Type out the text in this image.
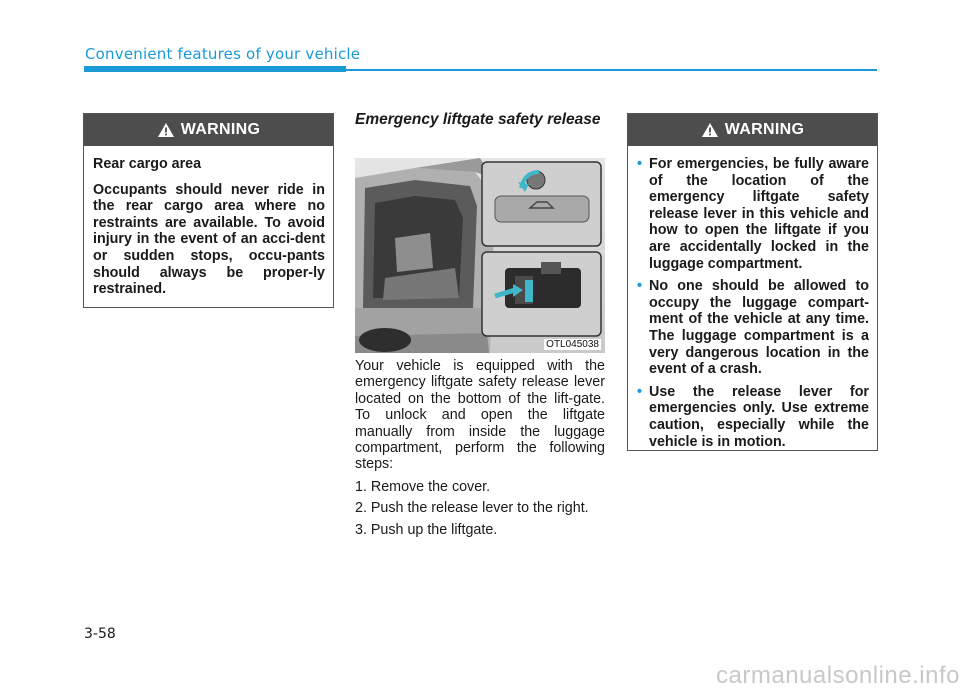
Convenient features of your vehicle
WARNING

Rear cargo area

Occupants should never ride in the rear cargo area where no restraints are available. To avoid injury in the event of an acci-dent or sudden stops, occu-pants should always be proper-ly restrained.

Emergency liftgate safety release
OTL045038

Your vehicle is equipped with the emergency liftgate safety release lever located on the bottom of the lift-gate. To unlock and open the liftgate manually from inside the luggage compartment, perform the following steps:

1. Remove the cover.

2. Push the release lever to the right.

3. Push up the liftgate.

WARNING
• For emergencies, be fully aware of the location of the emergency liftgate safety release lever in this vehicle and how to open the liftgate if you are accidentally locked in the luggage compartment.
• No one should be allowed to occupy the luggage compart-ment of the vehicle at any time. The luggage compartment is a very dangerous location in the event of a crash.
• Use the release lever for emergencies only. Use extreme caution, especially while the vehicle is in motion.
3-58
carmanualsonline.info
